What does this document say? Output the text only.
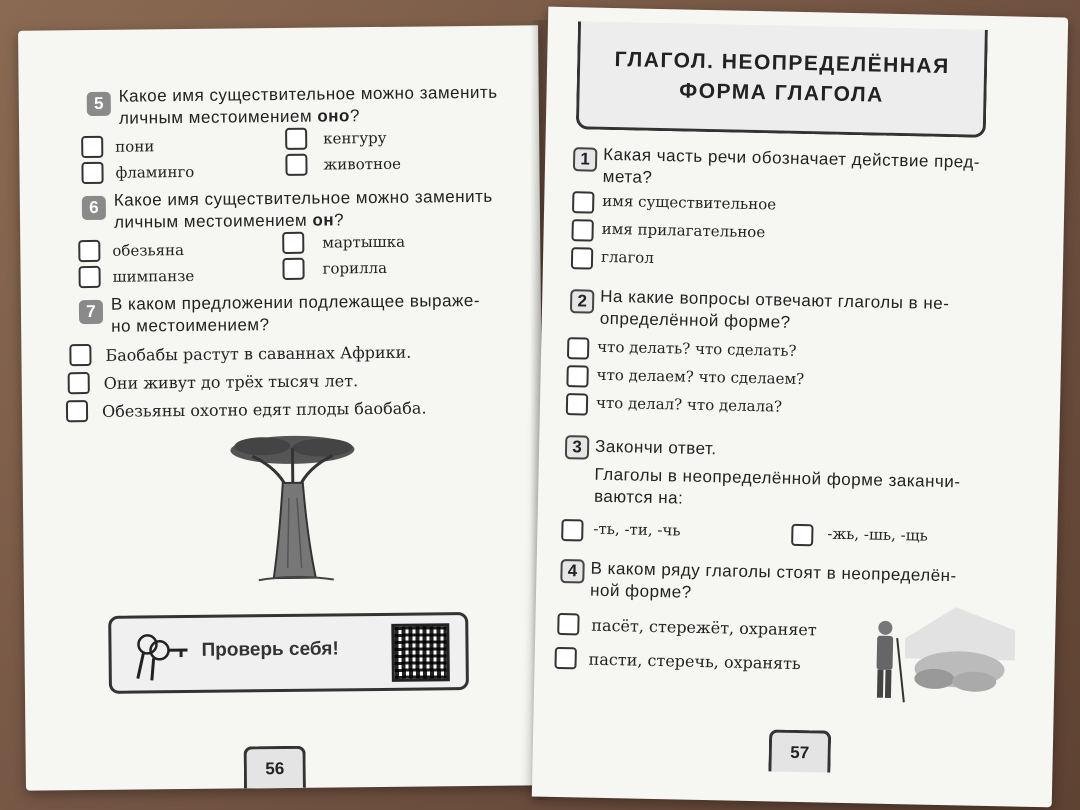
5 Какое имя существительное можно заменить личным местоимением оно?
пони	кенгуру
фламинго	животное
6 Какое имя существительное можно заменить личным местоимением он?
обезьяна	мартышка
шимпанзе	горилла
7 В каком предложении подлежащее выраже-
но местоимением?
Баобабы растут в саваннах Африки.
Они живут до трёх тысяч лет.
Обезьяны охотно едят плоды баобаба.
Проверь себя!
56
ГЛАГОЛ. НЕОПРЕДЕЛЁННАЯ
ФОРМА ГЛАГОЛА
1 Какая часть речи обозначает действие пред-
мета?
имя существительное
имя прилагательное
глагол
2 На какие вопросы отвечают глаголы в не-
определённой форме?
что делать? что сделать?
что делаем? что сделаем?
что делал? что делала?
3 Закончи ответ.
Глаголы в неопределённой форме заканчи-
ваются на:
-ть, -ти, -чь	-жь, -шь, -щь
4 В каком ряду глаголы стоят в неопределён-
ной форме?
пасёт, стережёт, охраняет
пасти, стеречь, охранять
57
